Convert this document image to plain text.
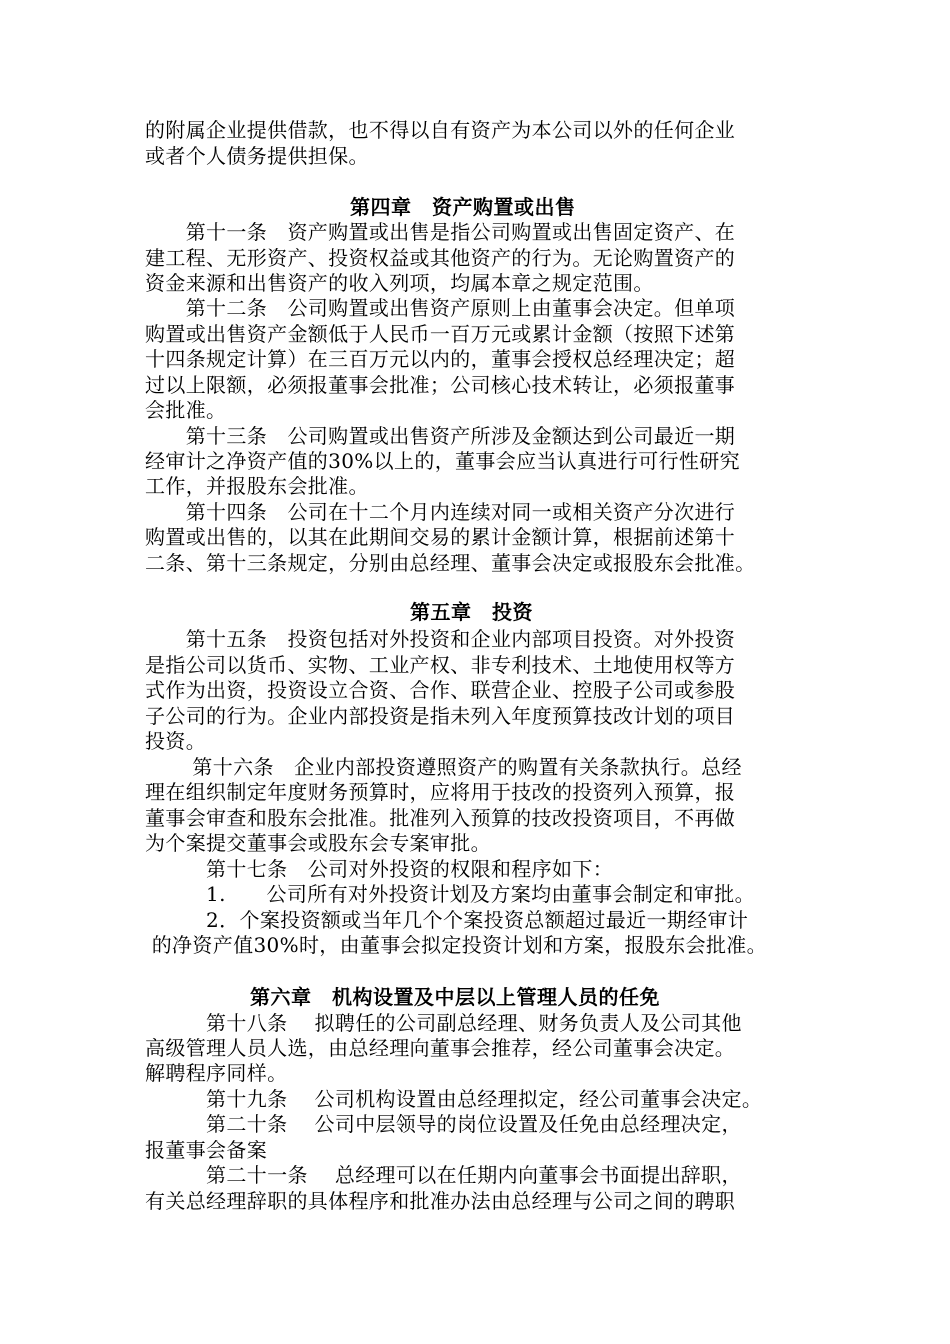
的附属企业提供借款，也不得以自有资产为本公司以外的任何企业
或者个人债务提供担保。
第四章　资产购置或出售
　　第十一条　资产购置或出售是指公司购置或出售固定资产、在
建工程、无形资产、投资权益或其他资产的行为。无论购置资产的
资金来源和出售资产的收入列项，均属本章之规定范围。
　　第十二条　公司购置或出售资产原则上由董事会决定。但单项
购置或出售资产金额低于人民币一百万元或累计金额（按照下述第
十四条规定计算）在三百万元以内的，董事会授权总经理决定；超
过以上限额，必须报董事会批准；公司核心技术转让，必须报董事
会批准。
　　第十三条　公司购置或出售资产所涉及金额达到公司最近一期
经审计之净资产值的30%以上的，董事会应当认真进行可行性研究
工作，并报股东会批准。
　　第十四条　公司在十二个月内连续对同一或相关资产分次进行
购置或出售的，以其在此期间交易的累计金额计算，根据前述第十
二条、第十三条规定，分别由总经理、董事会决定或报股东会批准。
第五章　投资
　　第十五条　投资包括对外投资和企业内部项目投资。对外投资
是指公司以货币、实物、工业产权、非专利技术、土地使用权等方
式作为出资，投资设立合资、合作、联营企业、控股子公司或参股
子公司的行为。企业内部投资是指未列入年度预算技改计划的项目
投资。
　　 第十六条　企业内部投资遵照资产的购置有关条款执行。总经
理在组织制定年度财务预算时，应将用于技改的投资列入预算，报
董事会审查和股东会批准。批准列入预算的技改投资项目，不再做
为个案提交董事会或股东会专案审批。
　　　第十七条　公司对外投资的权限和程序如下：
　　　1.　　公司所有对外投资计划及方案均由董事会制定和审批。
　　　2．个案投资额或当年几个个案投资总额超过最近一期经审计
的净资产值30%时，由董事会拟定投资计划和方案，报股东会批准。
第六章　机构设置及中层以上管理人员的任免
　　　第十八条　 拟聘任的公司副总经理、财务负责人及公司其他
高级管理人员人选，由总经理向董事会推荐，经公司董事会决定。
解聘程序同样。
　　　第十九条　 公司机构设置由总经理拟定，经公司董事会决定。
　　　第二十条　 公司中层领导的岗位设置及任免由总经理决定，
报董事会备案
　　　第二十一条　 总经理可以在任期内向董事会书面提出辞职，
有关总经理辞职的具体程序和批准办法由总经理与公司之间的聘职
